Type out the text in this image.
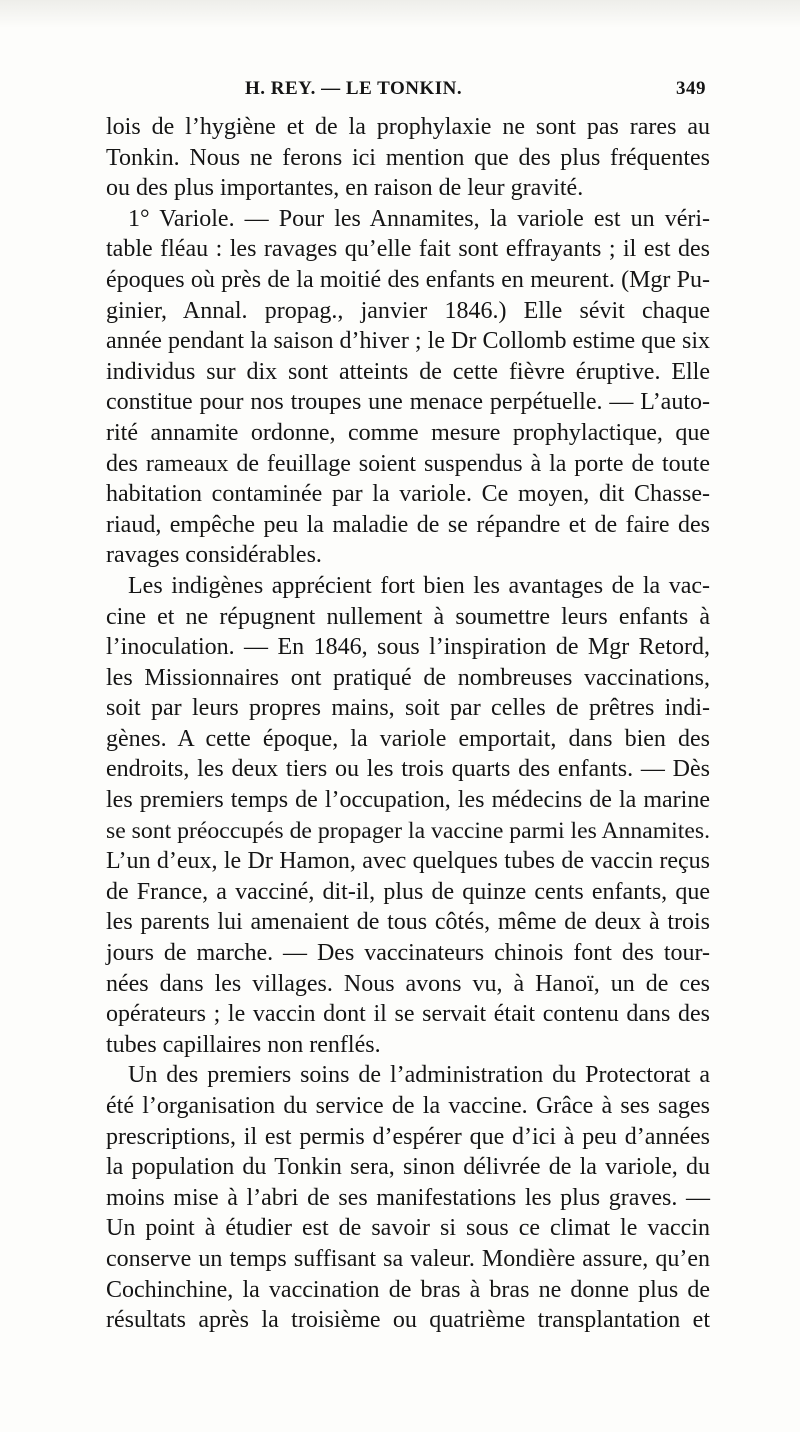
H. REY. — LE TONKIN.	349
lois de l’hygiène et de la prophylaxie ne sont pas rares au
Tonkin. Nous ne ferons ici mention que des plus fréquentes
ou des plus importantes, en raison de leur gravité.
1° Variole. — Pour les Annamites, la variole est un véri-
table fléau : les ravages qu’elle fait sont effrayants ; il est des
époques où près de la moitié des enfants en meurent. (Mgr Pu-
ginier, Annal. propag., janvier 1846.) Elle sévit chaque
année pendant la saison d’hiver ; le Dr Collomb estime que six
individus sur dix sont atteints de cette fièvre éruptive. Elle
constitue pour nos troupes une menace perpétuelle. — L’auto-
rité annamite ordonne, comme mesure prophylactique, que
des rameaux de feuillage soient suspendus à la porte de toute
habitation contaminée par la variole. Ce moyen, dit Chasse-
riaud, empêche peu la maladie de se répandre et de faire des
ravages considérables.
Les indigènes apprécient fort bien les avantages de la vac-
cine et ne répugnent nullement à soumettre leurs enfants à
l’inoculation. — En 1846, sous l’inspiration de Mgr Retord,
les Missionnaires ont pratiqué de nombreuses vaccinations,
soit par leurs propres mains, soit par celles de prêtres indi-
gènes. A cette époque, la variole emportait, dans bien des
endroits, les deux tiers ou les trois quarts des enfants. — Dès
les premiers temps de l’occupation, les médecins de la marine
se sont préoccupés de propager la vaccine parmi les Annamites.
L’un d’eux, le Dr Hamon, avec quelques tubes de vaccin reçus
de France, a vacciné, dit-il, plus de quinze cents enfants, que
les parents lui amenaient de tous côtés, même de deux à trois
jours de marche. — Des vaccinateurs chinois font des tour-
nées dans les villages. Nous avons vu, à Hanoï, un de ces
opérateurs ; le vaccin dont il se servait était contenu dans des
tubes capillaires non renflés.
Un des premiers soins de l’administration du Protectorat a
été l’organisation du service de la vaccine. Grâce à ses sages
prescriptions, il est permis d’espérer que d’ici à peu d’années
la population du Tonkin sera, sinon délivrée de la variole, du
moins mise à l’abri de ses manifestations les plus graves. —
Un point à étudier est de savoir si sous ce climat le vaccin
conserve un temps suffisant sa valeur. Mondière assure, qu’en
Cochinchine, la vaccination de bras à bras ne donne plus de
résultats après la troisième ou quatrième transplantation et
